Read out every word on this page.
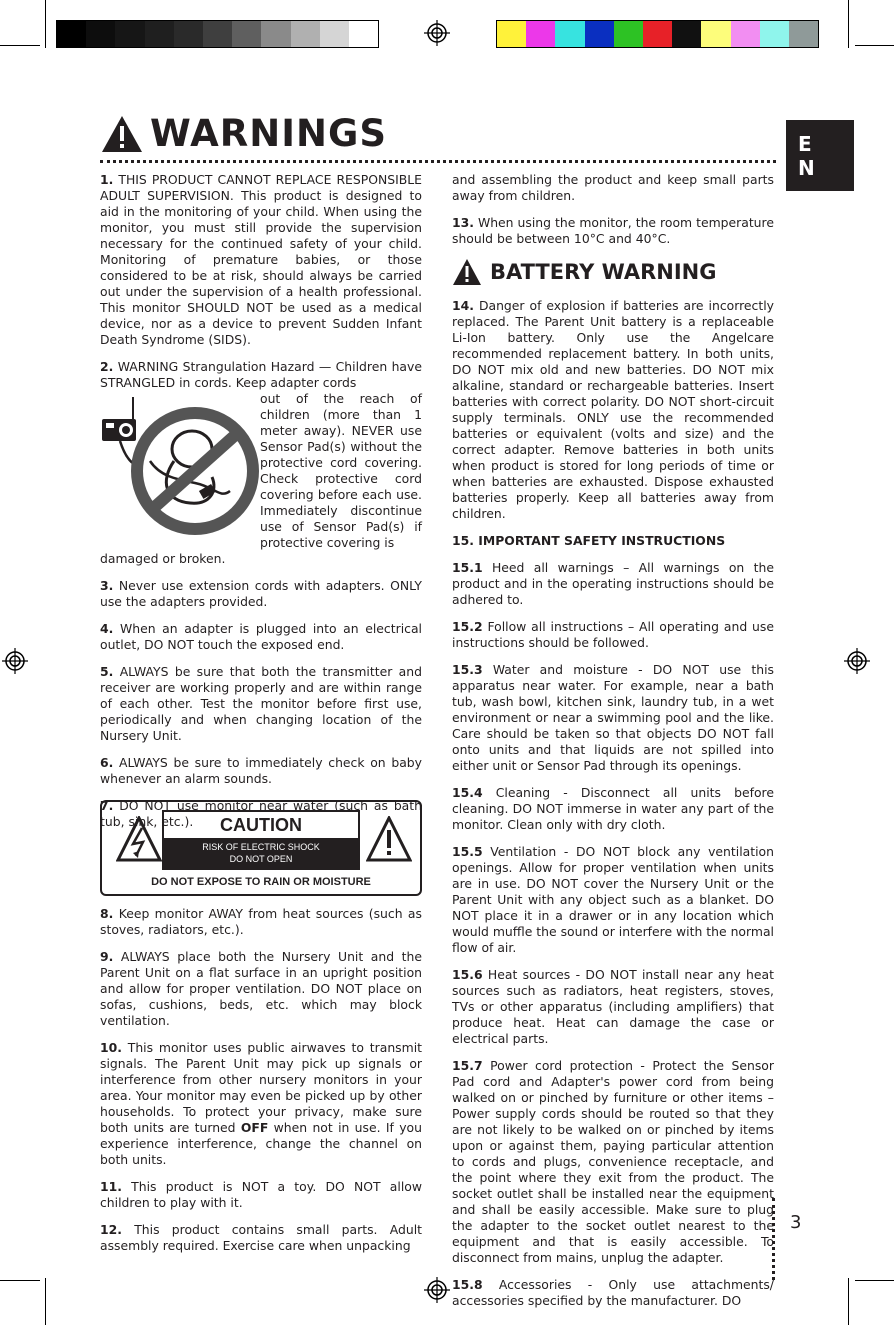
WARNINGS	E
N

1. THIS PRODUCT CANNOT REPLACE RESPONSIBLE ADULT SUPERVISION. This product is designed to aid in the monitoring of your child. When using the monitor, you must still provide the supervision necessary for the continued safety of your child. Monitoring of premature babies, or those considered to be at risk, should always be carried out under the supervision of a health professional. This monitor SHOULD NOT be used as a medical device, nor as a device to prevent Sudden Infant Death Syndrome (SIDS).

2. WARNING Strangulation Hazard — Children have STRANGLED in cords. Keep adapter cords

out of the reach of children (more than 1 meter away). NEVER use Sensor Pad(s) without the protective cord covering. Check protective cord covering before each use. Immediately discontinue use of Sensor Pad(s) if protective covering is

damaged or broken.

3. Never use extension cords with adapters. ONLY use the adapters provided.

4. When an adapter is plugged into an electrical outlet, DO NOT touch the exposed end.

5. ALWAYS be sure that both the transmitter and receiver are working properly and are within range of each other. Test the monitor before first use, periodically and when changing location of the Nursery Unit.

6. ALWAYS be sure to immediately check on baby whenever an alarm sounds.

7. DO NOT use monitor near water (such as bath tub, sink, etc.).	CAUTION
RISK OF ELECTRIC SHOCK
DO NOT OPEN
DO NOT EXPOSE TO RAIN OR MOISTURE

8. Keep monitor AWAY from heat sources (such as stoves, radiators, etc.).

9. ALWAYS place both the Nursery Unit and the Parent Unit on a flat surface in an upright position and allow for proper ventilation. DO NOT place on sofas, cushions, beds, etc. which may block ventilation.

10. This monitor uses public airwaves to transmit signals. The Parent Unit may pick up signals or interference from other nursery monitors in your area. Your monitor may even be picked up by other households. To protect your privacy, make sure both units are turned OFF when not in use. If you experience interference, change the channel on both units.

11. This product is NOT a toy. DO NOT allow children to play with it.

12. This product contains small parts. Adult assembly required. Exercise care when unpacking

and assembling the product and keep small parts away from children.

13. When using the monitor, the room temperature should be between 10°C and 40°C.

BATTERY WARNING

14. Danger of explosion if batteries are incorrectly replaced. The Parent Unit battery is a replaceable Li-Ion battery. Only use the Angelcare recommended replacement battery. In both units, DO NOT mix old and new batteries. DO NOT mix alkaline, standard or rechargeable batteries. Insert batteries with correct polarity. DO NOT short-circuit supply terminals. ONLY use the recommended batteries or equivalent (volts and size) and the correct adapter. Remove batteries in both units when product is stored for long periods of time or when batteries are exhausted. Dispose exhausted batteries properly. Keep all batteries away from children.

15. IMPORTANT SAFETY INSTRUCTIONS

15.1 Heed all warnings – All warnings on the product and in the operating instructions should be adhered to.

15.2 Follow all instructions – All operating and use instructions should be followed.

15.3 Water and moisture - DO NOT use this apparatus near water. For example, near a bath tub, wash bowl, kitchen sink, laundry tub, in a wet environment or near a swimming pool and the like. Care should be taken so that objects DO NOT fall onto units and that liquids are not spilled into either unit or Sensor Pad through its openings.

15.4 Cleaning - Disconnect all units before cleaning. DO NOT immerse in water any part of the monitor. Clean only with dry cloth.

15.5 Ventilation - DO NOT block any ventilation openings. Allow for proper ventilation when units are in use. DO NOT cover the Nursery Unit or the Parent Unit with any object such as a blanket. DO NOT place it in a drawer or in any location which would muffle the sound or interfere with the normal flow of air.

15.6 Heat sources - DO NOT install near any heat sources such as radiators, heat registers, stoves, TVs or other apparatus (including amplifiers) that produce heat. Heat can damage the case or electrical parts.

15.7 Power cord protection - Protect the Sensor Pad cord and Adapter's power cord from being walked on or pinched by furniture or other items – Power supply cords should be routed so that they are not likely to be walked on or pinched by items upon or against them, paying particular attention to cords and plugs, convenience receptacle, and the point where they exit from the product. The socket outlet shall be installed near the equipment and shall be easily accessible. Make sure to plug the adapter to the socket outlet nearest to the equipment and that is easily accessible. To disconnect from mains, unplug the adapter.

15.8 Accessories - Only use attachments/ accessories specified by the manufacturer. DO

3
